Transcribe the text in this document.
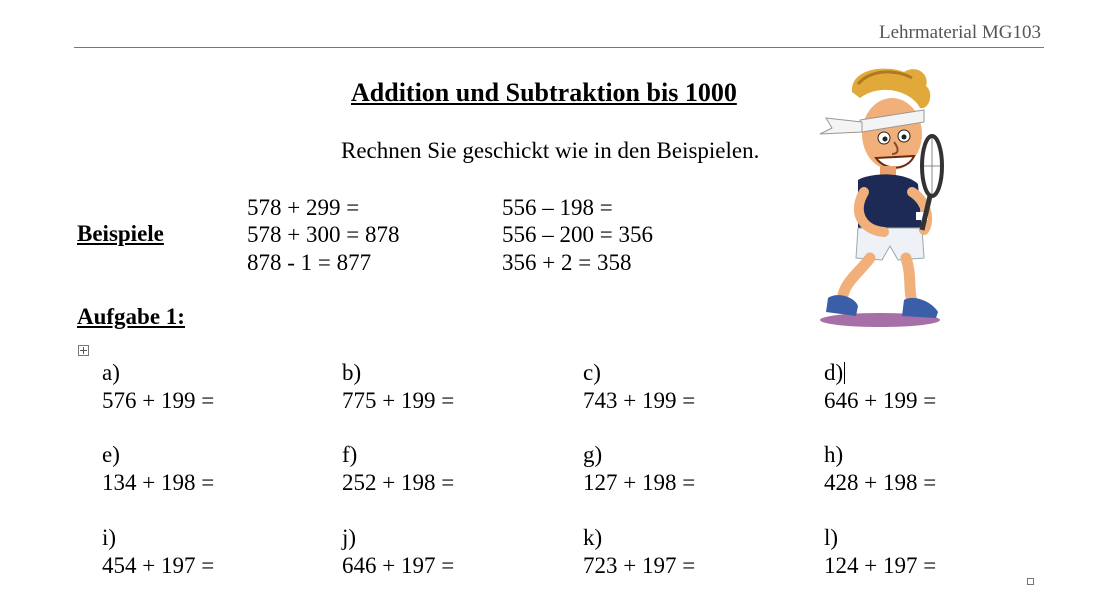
Lehrmaterial MG103
Addition und Subtraktion bis 1000
Rechnen Sie geschickt wie in den Beispielen.
Beispiele
578 + 299 =
578 + 300 = 878
878 - 1 = 877
556 – 198 =
556 – 200 = 356
356 + 2 = 358
Aufgabe 1:
a)
576 + 199 =
b)
775 + 199 =
c)
743 + 199 =
d)
646 + 199 =
e)
134 + 198 =
f)
252 + 198 =
g)
127 + 198 =
h)
428 + 198 =
i)
454 + 197 =
j)
646 + 197 =
k)
723 + 197 =
l)
124 + 197 =
